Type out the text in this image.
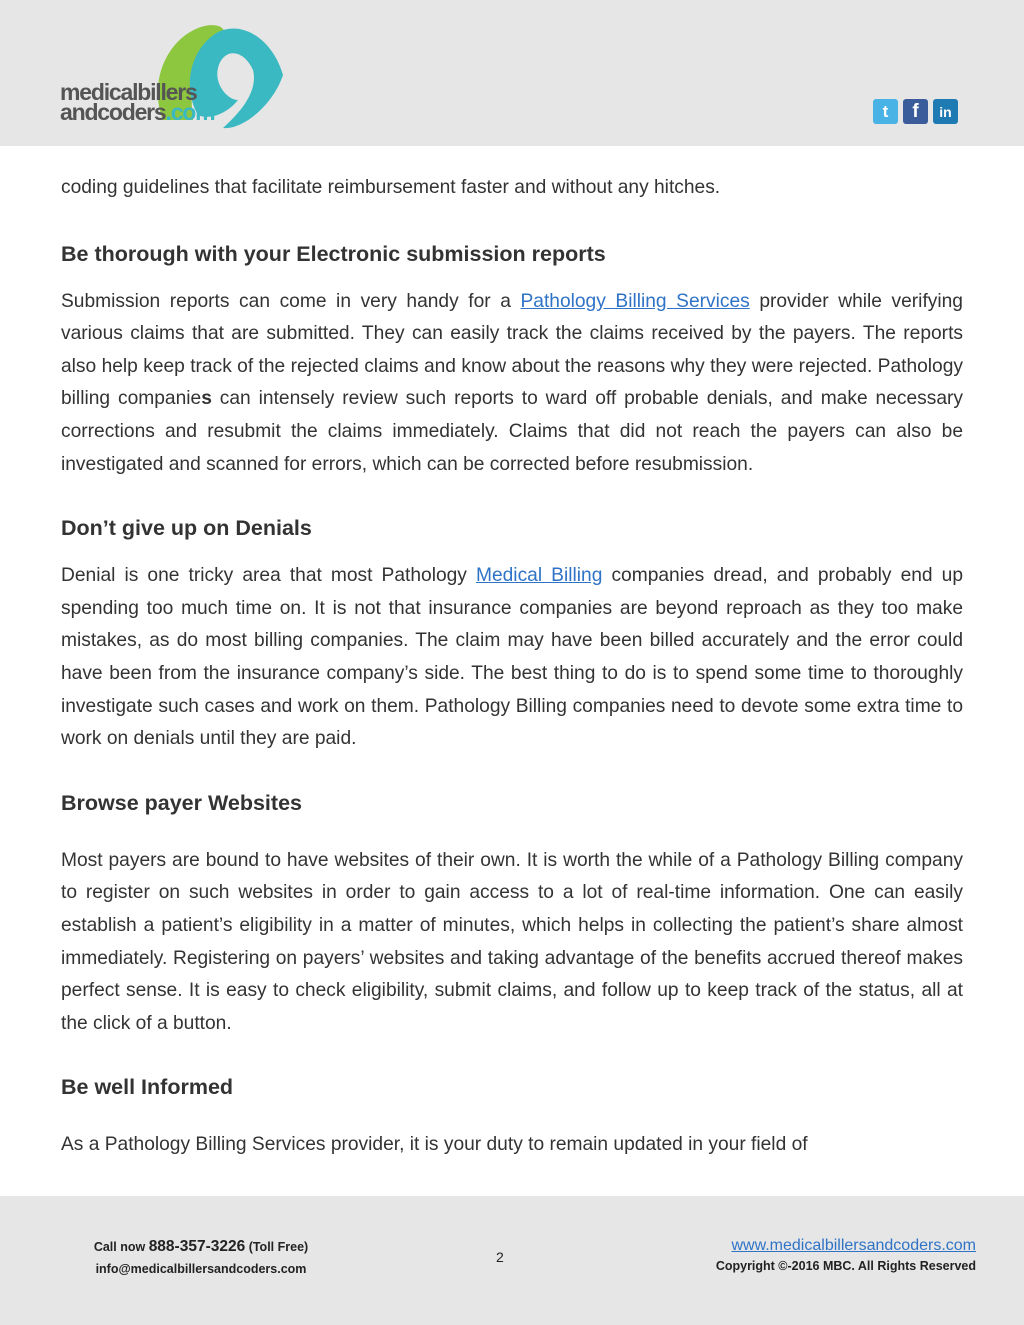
medicalbillers
andcoders.com	t	f	in

coding guidelines that facilitate reimbursement faster and without any hitches.

Be thorough with your Electronic submission reports

Submission reports can come in very handy for a Pathology Billing Services provider while verifying various claims that are submitted. They can easily track the claims received by the payers. The reports also help keep track of the rejected claims and know about the reasons why they were rejected. Pathology billing companies can intensely review such reports to ward off probable denials, and make necessary corrections and resubmit the claims immediately. Claims that did not reach the payers can also be investigated and scanned for errors, which can be corrected before resubmission.

Don’t give up on Denials

Denial is one tricky area that most Pathology Medical Billing companies dread, and probably end up spending too much time on. It is not that insurance companies are beyond reproach as they too make mistakes, as do most billing companies. The claim may have been billed accurately and the error could have been from the insurance company’s side. The best thing to do is to spend some time to thoroughly investigate such cases and work on them. Pathology Billing companies need to devote some extra time to work on denials until they are paid.

Browse payer Websites

Most payers are bound to have websites of their own. It is worth the while of a Pathology Billing company to register on such websites in order to gain access to a lot of real-time information. One can easily establish a patient’s eligibility in a matter of minutes, which helps in collecting the patient’s share almost immediately. Registering on payers’ websites and taking advantage of the benefits accrued thereof makes perfect sense. It is easy to check eligibility, submit claims, and follow up to keep track of the status, all at the click of a button.

Be well Informed

As a Pathology Billing Services provider, it is your duty to remain updated in your field of

Call now 888-357-3226 (Toll Free)
info@medicalbillersandcoders.com
2
www.medicalbillersandcoders.com
Copyright ©-2016 MBC. All Rights Reserved
